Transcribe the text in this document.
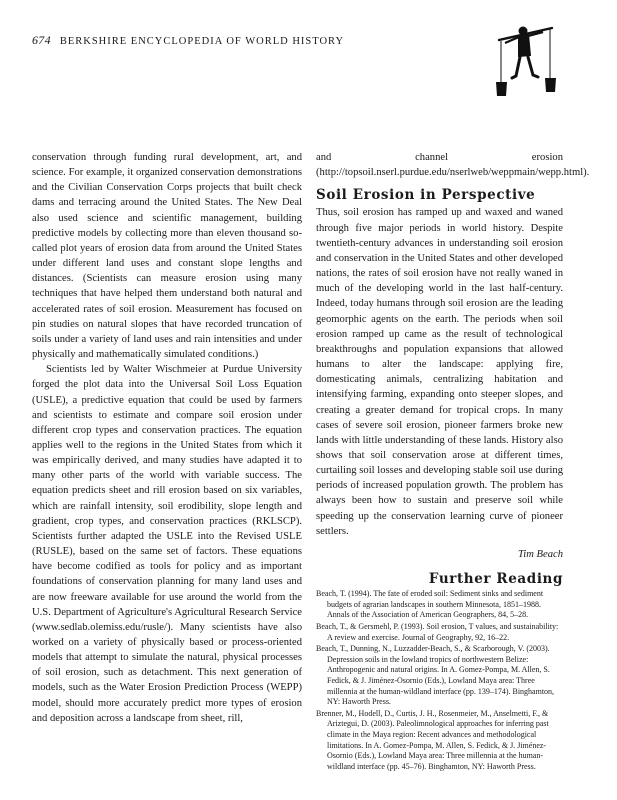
674 BERKSHIRE ENCYCLOPEDIA OF WORLD HISTORY

conservation through funding rural development, art, and science. For example, it organized conservation demonstrations and the Civilian Conservation Corps projects that built check dams and terracing around the United States. The New Deal also used science and scientific management, building predictive models by collecting more than eleven thousand so-called plot years of erosion data from around the United States under different land uses and constant slope lengths and distances. (Scientists can measure erosion using many techniques that have helped them understand both natural and accelerated rates of soil erosion. Measurement has focused on pin studies on natural slopes that have recorded truncation of soils under a variety of land uses and rain intensities and under physically and mathematically simulated conditions.)

Scientists led by Walter Wischmeier at Purdue University forged the plot data into the Universal Soil Loss Equation (USLE), a predictive equation that could be used by farmers and scientists to estimate and compare soil erosion under different crop types and conservation practices. The equation applies well to the regions in the United States from which it was empirically derived, and many studies have adapted it to many other parts of the world with variable success. The equation predicts sheet and rill erosion based on six variables, which are rainfall intensity, soil erodibility, slope length and gradient, crop types, and conservation practices (RKLSCP). Scientists further adapted the USLE into the Revised USLE (RUSLE), based on the same set of factors. These equations have become codified as tools for policy and as important foundations of conservation planning for many land uses and are now freeware available for use around the world from the U.S. Department of Agriculture's Agricultural Research Service (www.sedlab.olemiss.edu/rusle/). Many scientists have also worked on a variety of physically based or process-oriented models that attempt to simulate the natural, physical processes of soil erosion, such as detachment. This next generation of models, such as the Water Erosion Prediction Process (WEPP) model, should more accurately predict more types of erosion and deposition across a landscape from sheet, rill,

and channel erosion (http://topsoil.nserl.purdue.edu/nserlweb/weppmain/wepp.html).

Soil Erosion in Perspective

Thus, soil erosion has ramped up and waxed and waned through five major periods in world history. Despite twentieth-century advances in understanding soil erosion and conservation in the United States and other developed nations, the rates of soil erosion have not really waned in much of the developing world in the last half-century. Indeed, today humans through soil erosion are the leading geomorphic agents on the earth. The periods when soil erosion ramped up came as the result of technological breakthroughs and population expansions that allowed humans to alter the landscape: applying fire, domesticating animals, centralizing habitation and intensifying farming, expanding onto steeper slopes, and creating a greater demand for tropical crops. In many cases of severe soil erosion, pioneer farmers broke new lands with little understanding of these lands. History also shows that soil conservation arose at different times, curtailing soil losses and developing stable soil use during periods of increased population growth. The problem has always been how to sustain and preserve soil while speeding up the conservation learning curve of pioneer settlers.

Tim Beach
Further Reading
Beach, T. (1994). The fate of eroded soil: Sediment sinks and sediment budgets of agrarian landscapes in southern Minnesota, 1851–1988. Annals of the Association of American Geographers, 84, 5–28.
Beach, T., & Gersmehl, P. (1993). Soil erosion, T values, and sustainability: A review and exercise. Journal of Geography, 92, 16–22.
Beach, T., Dunning, N., Luzzadder-Beach, S., & Scarborough, V. (2003). Depression soils in the lowland tropics of northwestern Belize: Anthropogenic and natural origins. In A. Gomez-Pompa, M. Allen, S. Fedick, & J. Jiménez-Osornio (Eds.), Lowland Maya area: Three millennia at the human-wildland interface (pp. 139–174). Binghamton, NY: Haworth Press.
Brenner, M., Hodell, D., Curtis, J. H., Rosenmeier, M., Anselmetti, F., & Ariztegui, D. (2003). Paleolimnological approaches for inferring past climate in the Maya region: Recent advances and methodological limitations. In A. Gomez-Pompa, M. Allen, S. Fedick, & J. Jiménez-Osornio (Eds.), Lowland Maya area: Three millennia at the human-wildland interface (pp. 45–76). Binghamton, NY: Haworth Press.
